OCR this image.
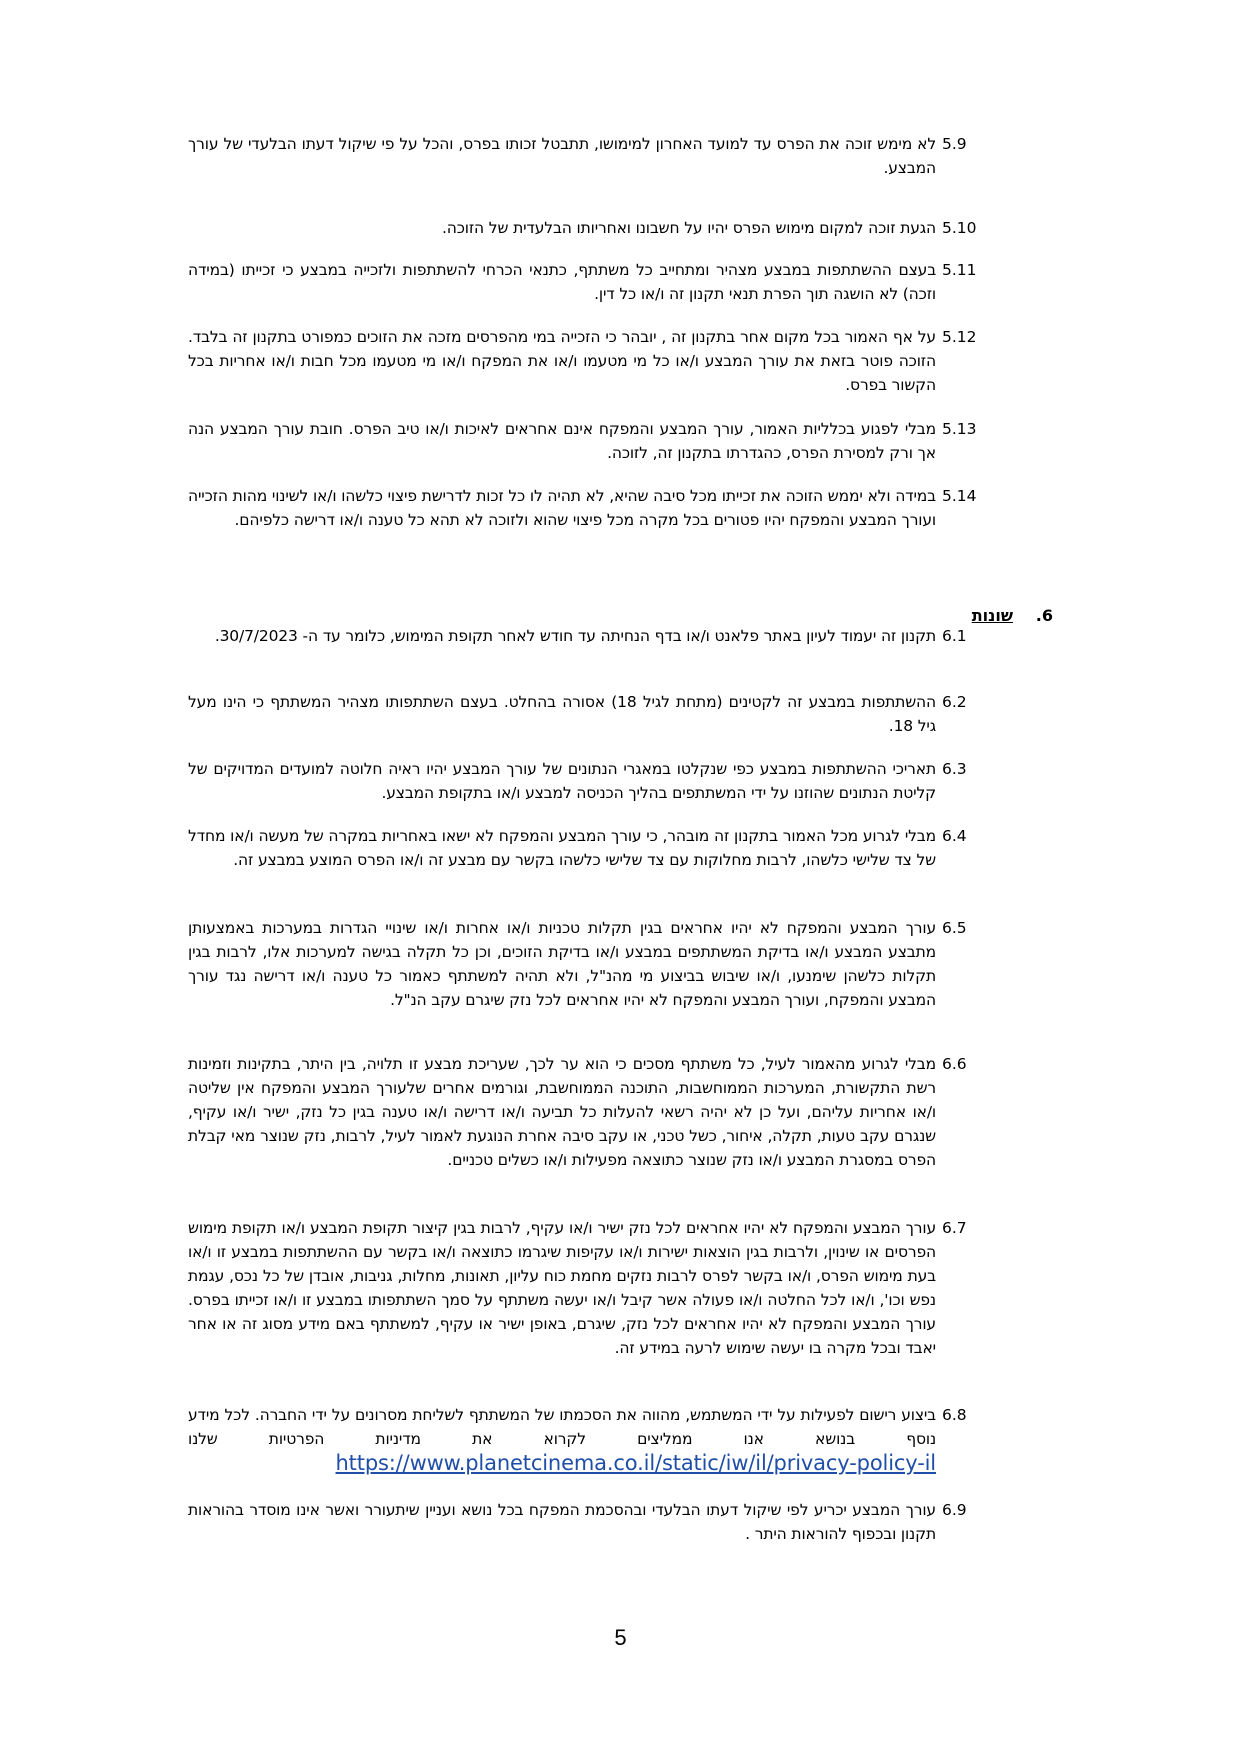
5.9
לא מימש זוכה את הפרס עד למועד האחרון למימושו, תתבטל זכותו בפרס, והכל על פי שיקול דעתו הבלעדי של עורך המבצע.
5.10
הגעת זוכה למקום מימוש הפרס יהיו על חשבונו ואחריותו הבלעדית של הזוכה.
5.11
בעצם ההשתתפות במבצע מצהיר ומתחייב כל משתתף, כתנאי הכרחי להשתתפות ולזכייה במבצע כי זכייתו (במידה וזכה) לא הושגה תוך הפרת תנאי תקנון זה ו/או כל דין.
5.12
על אף האמור בכל מקום אחר בתקנון זה , יובהר כי הזכייה במי מהפרסים מזכה את הזוכים כמפורט בתקנון זה בלבד. הזוכה פוטר בזאת את עורך המבצע ו/או כל מי מטעמו ו/או את המפקח ו/או מי מטעמו מכל חבות ו/או אחריות בכל הקשור בפרס.
5.13
מבלי לפגוע בכלליות האמור, עורך המבצע והמפקח אינם אחראים לאיכות ו/או טיב הפרס. חובת עורך המבצע הנה אך ורק למסירת הפרס, כהגדרתו בתקנון זה, לזוכה.
5.14
במידה ולא יממש הזוכה את זכייתו מכל סיבה שהיא, לא תהיה לו כל זכות לדרישת פיצוי כלשהו ו/או לשינוי מהות הזכייה ועורך המבצע והמפקח יהיו פטורים בכל מקרה מכל פיצוי שהוא ולזוכה לא תהא כל טענה ו/או דרישה כלפיהם.
6.
שונות
6.1
תקנון זה יעמוד לעיון באתר פלאנט ו/או בדף הנחיתה עד חודש לאחר תקופת המימוש, כלומר עד ה- 30/7/2023.
6.2
ההשתתפות במבצע זה לקטינים (מתחת לגיל 18) אסורה בהחלט. בעצם השתתפותו מצהיר המשתתף כי הינו מעל גיל 18.
6.3
תאריכי ההשתתפות במבצע כפי שנקלטו במאגרי הנתונים של עורך המבצע יהיו ראיה חלוטה למועדים המדויקים של קליטת הנתונים שהוזנו על ידי המשתתפים בהליך הכניסה למבצע ו/או בתקופת המבצע.
6.4
מבלי לגרוע מכל האמור בתקנון זה מובהר, כי עורך המבצע והמפקח לא ישאו באחריות במקרה של מעשה ו/או מחדל של צד שלישי כלשהו, לרבות מחלוקות עם צד שלישי כלשהו בקשר עם מבצע זה ו/או הפרס המוצע במבצע זה.
6.5
עורך המבצע והמפקח לא יהיו אחראים בגין תקלות טכניות ו/או אחרות ו/או שינויי הגדרות במערכות באמצעותן מתבצע המבצע ו/או בדיקת המשתתפים במבצע ו/או בדיקת הזוכים, וכן כל תקלה בגישה למערכות אלו, לרבות בגין תקלות כלשהן שימנעו, ו/או שיבוש בביצוע מי מהנ"ל, ולא תהיה למשתתף כאמור כל טענה ו/או דרישה נגד עורך המבצע והמפקח, ועורך המבצע והמפקח לא יהיו אחראים לכל נזק שיגרם עקב הנ"ל.
6.6
מבלי לגרוע מהאמור לעיל, כל משתתף מסכים כי הוא ער לכך, שעריכת מבצע זו תלויה, בין היתר, בתקינות וזמינות רשת התקשורת, המערכות הממוחשבות, התוכנה הממוחשבת, וגורמים אחרים שלעורך המבצע והמפקח אין שליטה ו/או אחריות עליהם, ועל כן לא יהיה רשאי להעלות כל תביעה ו/או דרישה ו/או טענה בגין כל נזק, ישיר ו/או עקיף, שנגרם עקב טעות, תקלה, איחור, כשל טכני, או עקב סיבה אחרת הנוגעת לאמור לעיל, לרבות, נזק שנוצר מאי קבלת הפרס במסגרת המבצע ו/או נזק שנוצר כתוצאה מפעילות ו/או כשלים טכניים.
6.7
עורך המבצע והמפקח לא יהיו אחראים לכל נזק ישיר ו/או עקיף, לרבות בגין קיצור תקופת המבצע ו/או תקופת מימוש הפרסים או שינוין, ולרבות בגין הוצאות ישירות ו/או עקיפות שיגרמו כתוצאה ו/או בקשר עם ההשתתפות במבצע זו ו/או בעת מימוש הפרס, ו/או בקשר לפרס לרבות נזקים מחמת כוח עליון, תאונות, מחלות, גניבות, אובדן של כל נכס, עגמת נפש וכו', ו/או לכל החלטה ו/או פעולה אשר קיבל ו/או יעשה משתתף על סמך השתתפותו במבצע זו ו/או זכייתו בפרס. עורך המבצע והמפקח לא יהיו אחראים לכל נזק, שיגרם, באופן ישיר או עקיף, למשתתף באם מידע מסוג זה או אחר יאבד ובכל מקרה בו יעשה שימוש לרעה במידע זה.
6.8
ביצוע רישום לפעילות על ידי המשתמש, מהווה את הסכמתו של המשתתף לשליחת מסרונים על ידי החברה. לכל מידע נוסף בנושא אנו ממליצים לקרוא את מדיניות הפרטיות שלנו https://www.planetcinema.co.il/static/iw/il/privacy-policy-il
6.9
עורך המבצע יכריע לפי שיקול דעתו הבלעדי ובהסכמת המפקח בכל נושא ועניין שיתעורר ואשר אינו מוסדר בהוראות תקנון ובכפוף להוראות היתר .
5
